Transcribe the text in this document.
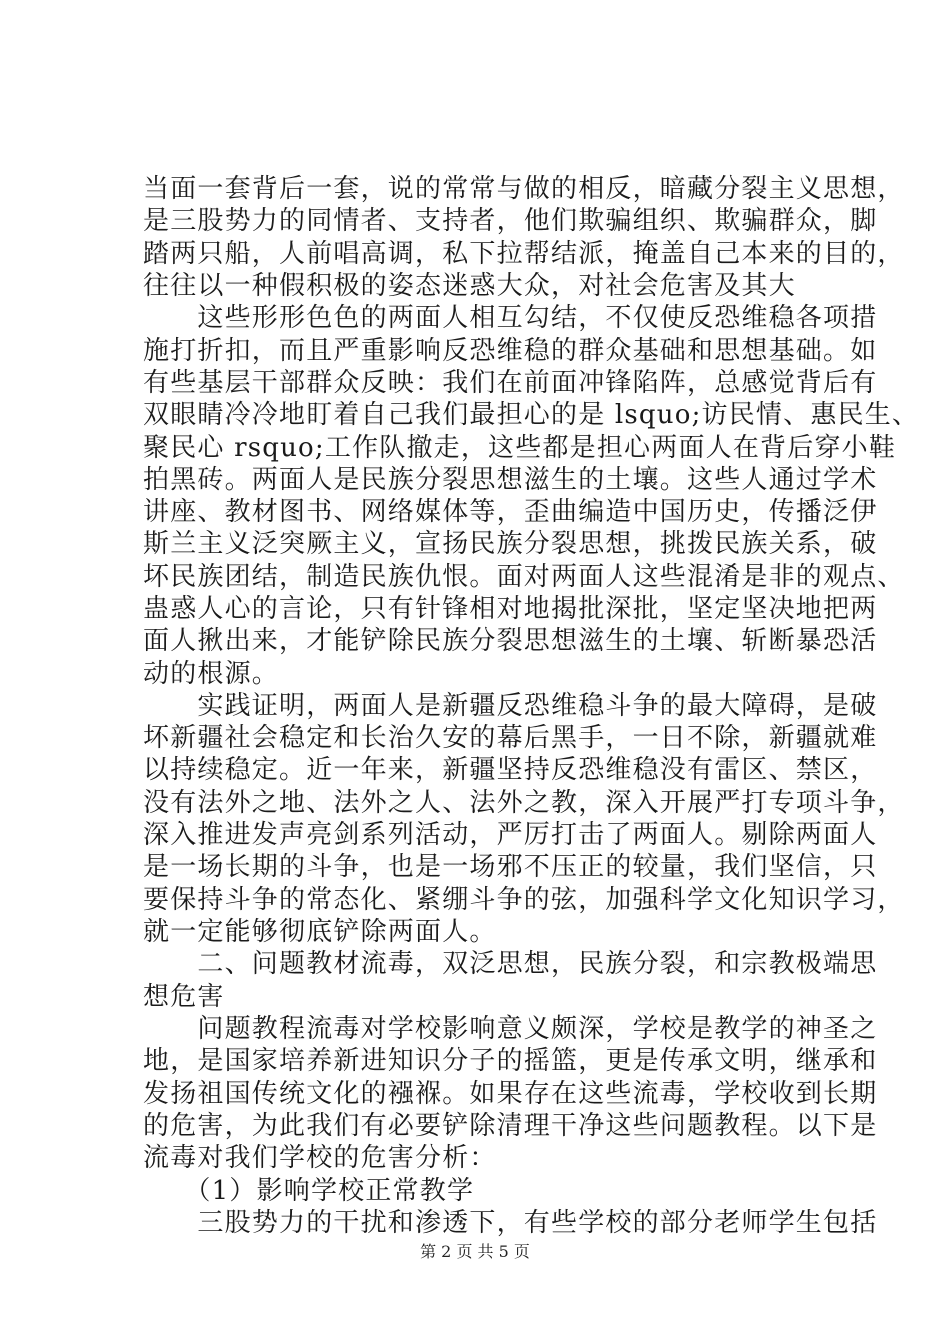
当面一套背后一套，说的常常与做的相反，暗藏分裂主义思想，
是三股势力的同情者、支持者，他们欺骗组织、欺骗群众，脚
踏两只船，人前唱高调，私下拉帮结派，掩盖自己本来的目的，
往往以一种假积极的姿态迷惑大众，对社会危害及其大
　　这些形形色色的两面人相互勾结，不仅使反恐维稳各项措
施打折扣，而且严重影响反恐维稳的群众基础和思想基础。如
有些基层干部群众反映：我们在前面冲锋陷阵，总感觉背后有
双眼睛冷冷地盯着自己我们最担心的是 lsquo;访民情、惠民生、
聚民心 rsquo;工作队撤走，这些都是担心两面人在背后穿小鞋
拍黑砖。两面人是民族分裂思想滋生的土壤。这些人通过学术
讲座、教材图书、网络媒体等，歪曲编造中国历史，传播泛伊
斯兰主义泛突厥主义，宣扬民族分裂思想，挑拨民族关系，破
坏民族团结，制造民族仇恨。面对两面人这些混淆是非的观点、
蛊惑人心的言论，只有针锋相对地揭批深批，坚定坚决地把两
面人揪出来，才能铲除民族分裂思想滋生的土壤、斩断暴恐活
动的根源。
　　实践证明，两面人是新疆反恐维稳斗争的最大障碍，是破
坏新疆社会稳定和长治久安的幕后黑手，一日不除，新疆就难
以持续稳定。近一年来，新疆坚持反恐维稳没有雷区、禁区，
没有法外之地、法外之人、法外之教，深入开展严打专项斗争，
深入推进发声亮剑系列活动，严厉打击了两面人。剔除两面人
是一场长期的斗争，也是一场邪不压正的较量，我们坚信，只
要保持斗争的常态化、紧绷斗争的弦，加强科学文化知识学习，
就一定能够彻底铲除两面人。
　　二、问题教材流毒，双泛思想，民族分裂，和宗教极端思
想危害
　　问题教程流毒对学校影响意义颇深，学校是教学的神圣之
地，是国家培养新进知识分子的摇篮，更是传承文明，继承和
发扬祖国传统文化的襁褓。如果存在这些流毒，学校收到长期
的危害，为此我们有必要铲除清理干净这些问题教程。以下是
流毒对我们学校的危害分析：
　　（1）影响学校正常教学
　　三股势力的干扰和渗透下，有些学校的部分老师学生包括
第 2 页 共 5 页
